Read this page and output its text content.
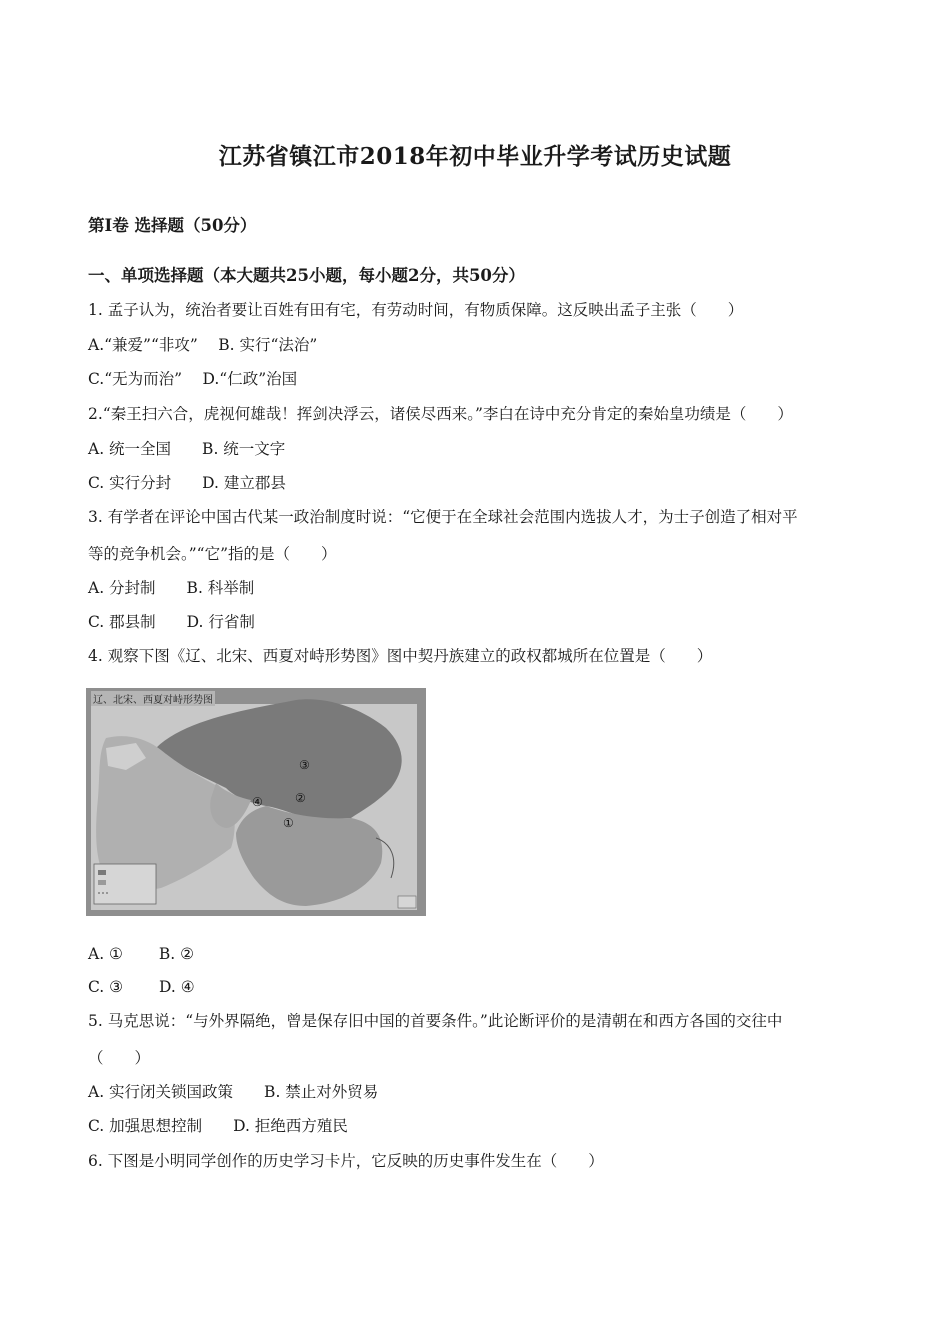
江苏省镇江市2018年初中毕业升学考试历史试题
第Ⅰ卷 选择题（50分）
一、单项选择题（本大题共25小题，每小题2分，共50分）
1. 孟子认为，统治者要让百姓有田有宅，有劳动时间，有物质保障。这反映出孟子主张（　　）
A.“兼爱”“非攻”　 B. 实行“法治”
C.“无为而治”　 D.“仁政”治国
2.“秦王扫六合，虎视何雄哉！挥剑决浮云，诸侯尽西来。”李白在诗中充分肯定的秦始皇功绩是（　　）
A. 统一全国　　B. 统一文字
C. 实行分封　　D. 建立郡县
3. 有学者在评论中国古代某一政治制度时说：“它便于在全球社会范围内选拔人才，为士子创造了相对平
等的竞争机会。”“它”指的是（　　）
A. 分封制　　B. 科举制
C. 郡县制　　D. 行省制
4. 观察下图《辽、北宋、西夏对峙形势图》图中契丹族建立的政权都城所在位置是（　　）
辽、北宋、西夏对峙形势图
①
②
③
④
A. ①　　 B. ②
C. ③　　 D. ④
5. 马克思说：“与外界隔绝，曾是保存旧中国的首要条件。”此论断评价的是清朝在和西方各国的交往中
（　　）
A. 实行闭关锁国政策　　B. 禁止对外贸易
C. 加强思想控制　　D. 拒绝西方殖民
6. 下图是小明同学创作的历史学习卡片，它反映的历史事件发生在（　　）
